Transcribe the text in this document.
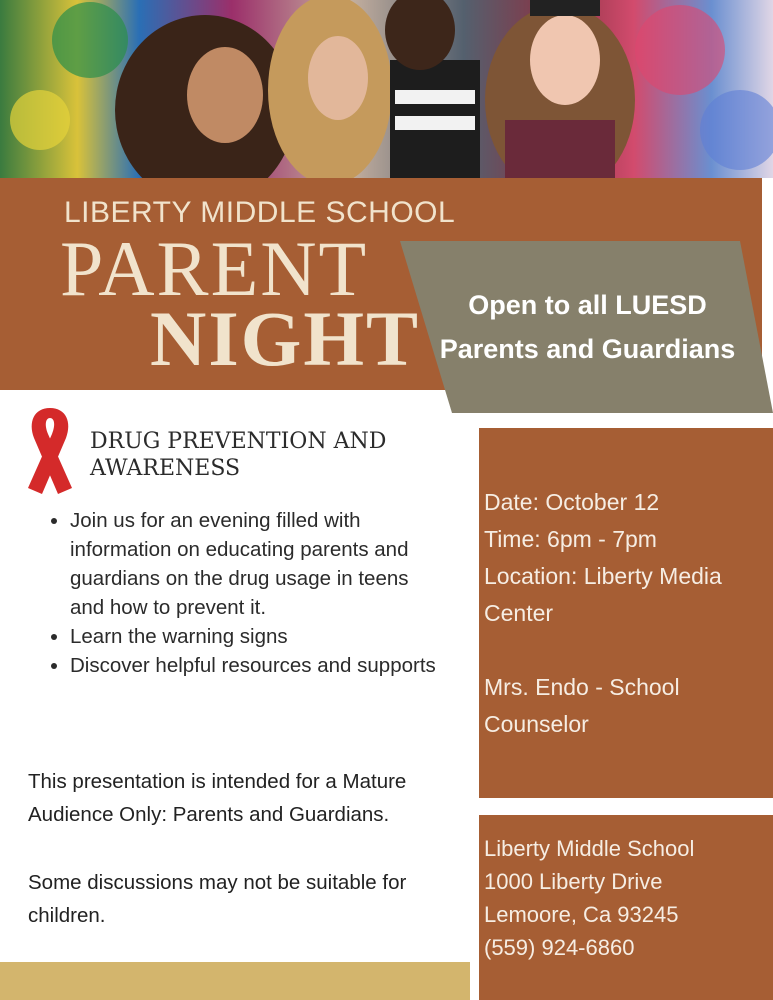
LIBERTY MIDDLE SCHOOL
PARENT
NIGHT	Open to all LUESD
Parents and Guardians
DRUG PREVENTION AND
AWARENESS
• Join us for an evening filled with information on educating parents and guardians on the drug usage in teens and how to prevent it.
• Learn the warning signs
• Discover helpful resources and supports
This presentation is intended for a Mature Audience Only: Parents and Guardians.
Some discussions may not be suitable for children.
Date: October 12
Time: 6pm - 7pm
Location: Liberty Media Center
Mrs. Endo - School Counselor
Liberty Middle School
1000 Liberty Drive
Lemoore, Ca 93245
(559) 924-6860
